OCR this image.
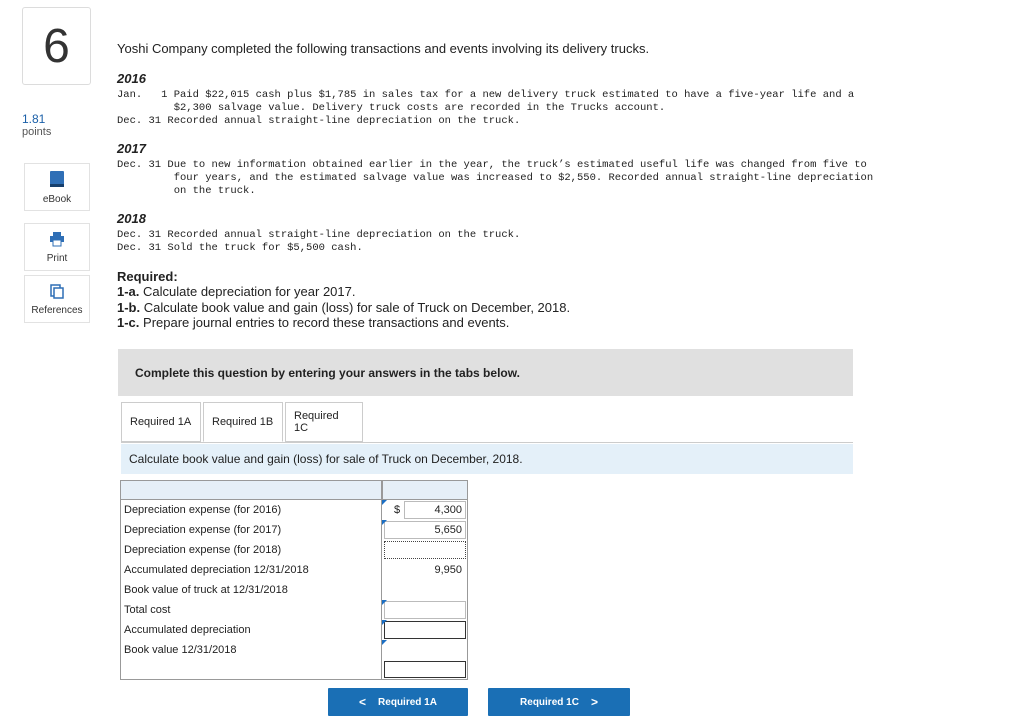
6
1.81
points
eBook
Print
References
Yoshi Company completed the following transactions and events involving its delivery trucks.
2016
Jan.   1 Paid $22,015 cash plus $1,785 in sales tax for a new delivery truck estimated to have a five-year life and a
$2,300 salvage value. Delivery truck costs are recorded in the Trucks account.
Dec. 31 Recorded annual straight-line depreciation on the truck.
2017
Dec. 31 Due to new information obtained earlier in the year, the truck’s estimated useful life was changed from five to
four years, and the estimated salvage value was increased to $2,550. Recorded annual straight-line depreciation
on the truck.
2018
Dec. 31 Recorded annual straight-line depreciation on the truck.
Dec. 31 Sold the truck for $5,500 cash.
Required:
1-a. Calculate depreciation for year 2017.
1-b. Calculate book value and gain (loss) for sale of Truck on December, 2018.
1-c. Prepare journal entries to record these transactions and events.
Complete this question by entering your answers in the tabs below.
Required 1A	Required 1B	Required 1C
Calculate book value and gain (loss) for sale of Truck on December, 2018.
Depreciation expense (for 2016)	$	4,300
Depreciation expense (for 2017)	5,650
Depreciation expense (for 2018)
Accumulated depreciation 12/31/2018	9,950
Book value of truck at 12/31/2018
Total cost
Accumulated depreciation
Book value 12/31/2018
< Required 1A	Required 1C >
